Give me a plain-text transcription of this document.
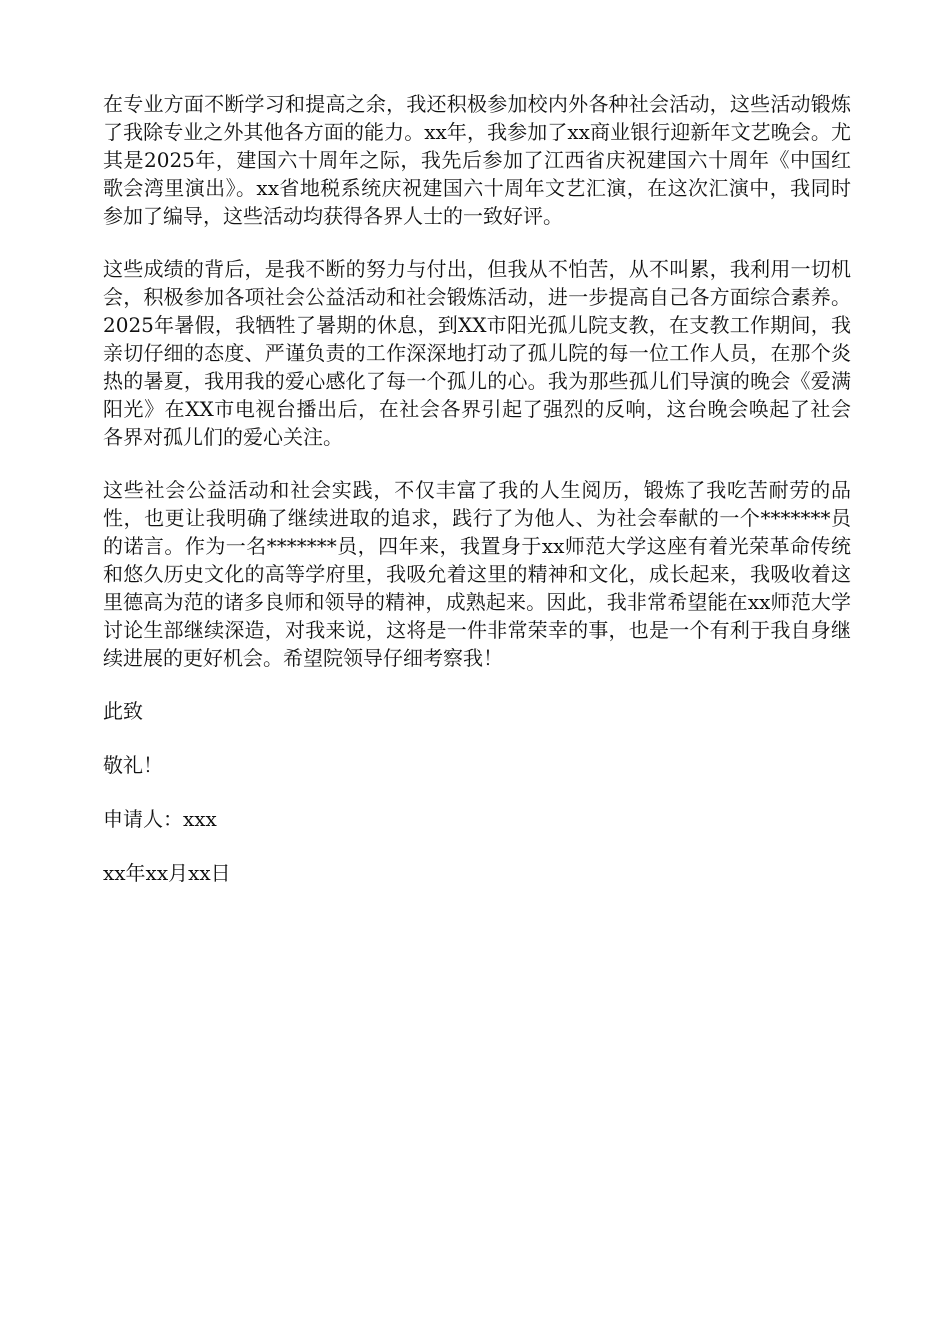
在专业方面不断学习和提高之余，我还积极参加校内外各种社会活动，这些活动锻炼了我除专业之外其他各方面的能力。xx年，我参加了xx商业银行迎新年文艺晚会。尤其是2025年，建国六十周年之际，我先后参加了江西省庆祝建国六十周年《中国红歌会湾里演出》。xx省地税系统庆祝建国六十周年文艺汇演，在这次汇演中，我同时参加了编导，这些活动均获得各界人士的一致好评。

这些成绩的背后，是我不断的努力与付出，但我从不怕苦，从不叫累，我利用一切机会，积极参加各项社会公益活动和社会锻炼活动，进一步提高自己各方面综合素养。2025年暑假，我牺牲了暑期的休息，到XX市阳光孤儿院支教，在支教工作期间，我亲切仔细的态度、严谨负责的工作深深地打动了孤儿院的每一位工作人员，在那个炎热的暑夏，我用我的爱心感化了每一个孤儿的心。我为那些孤儿们导演的晚会《爱满阳光》在XX市电视台播出后，在社会各界引起了强烈的反响，这台晚会唤起了社会各界对孤儿们的爱心关注。

这些社会公益活动和社会实践，不仅丰富了我的人生阅历，锻炼了我吃苦耐劳的品性，也更让我明确了继续进取的追求，践行了为他人、为社会奉献的一个*******员的诺言。作为一名*******员，四年来，我置身于xx师范大学这座有着光荣革命传统和悠久历史文化的高等学府里，我吸允着这里的精神和文化，成长起来，我吸收着这里德高为范的诸多良师和领导的精神，成熟起来。因此，我非常希望能在xx师范大学讨论生部继续深造，对我来说，这将是一件非常荣幸的事，也是一个有利于我自身继续进展的更好机会。希望院领导仔细考察我！

此致

敬礼！

申请人：xxx

xx年xx月xx日
